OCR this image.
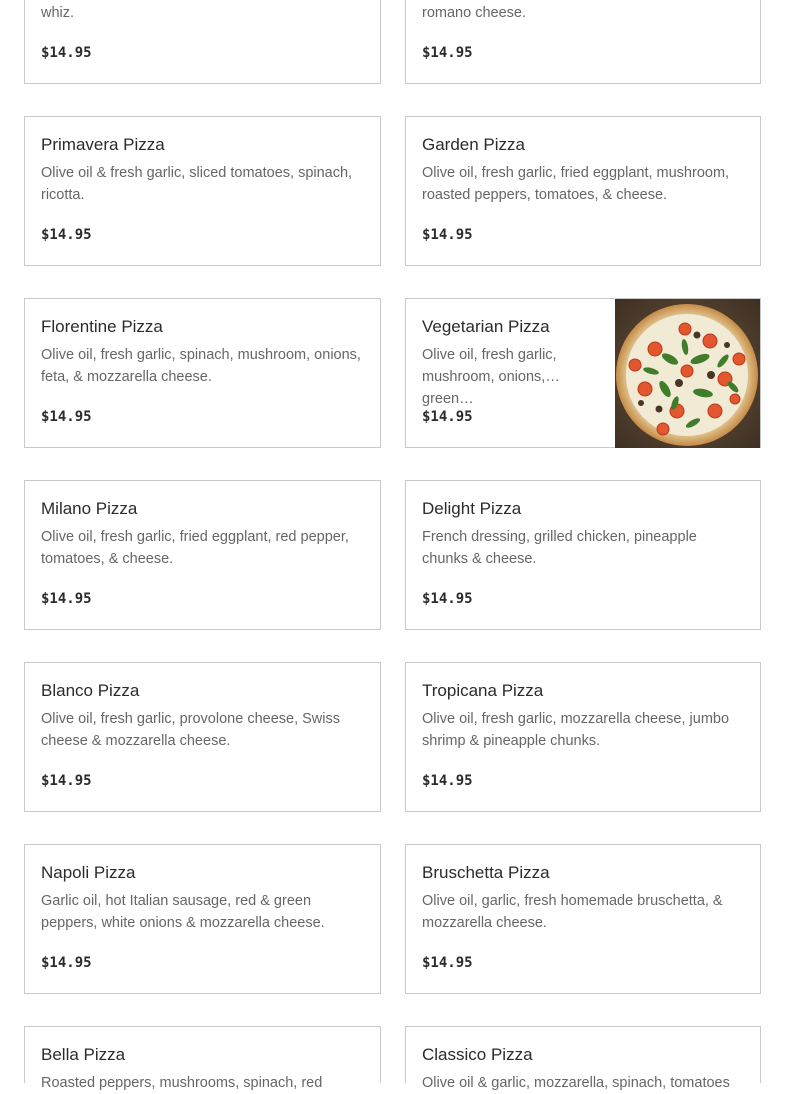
whiz.
$14.95
romano cheese.
$14.95
Primavera Pizza
Olive oil & fresh garlic, sliced tomatoes, spinach, ricotta.
$14.95
Garden Pizza
Olive oil, fresh garlic, fried eggplant, mushroom, roasted peppers, tomatoes, & cheese.
$14.95
Florentine Pizza
Olive oil, fresh garlic, spinach, mushroom, onions, feta, & mozzarella cheese.
$14.95
Vegetarian Pizza
Olive oil, fresh garlic, mushroom, onions, green…
$14.95
Milano Pizza
Olive oil, fresh garlic, fried eggplant, red pepper, tomatoes, & cheese.
$14.95
Delight Pizza
French dressing, grilled chicken, pineapple chunks & cheese.
$14.95
Blanco Pizza
Olive oil, fresh garlic, provolone cheese, Swiss cheese & mozzarella cheese.
$14.95
Tropicana Pizza
Olive oil, fresh garlic, mozzarella cheese, jumbo shrimp & pineapple chunks.
$14.95
Napoli Pizza
Garlic oil, hot Italian sausage, red & green peppers, white onions & mozzarella cheese.
$14.95
Bruschetta Pizza
Olive oil, garlic, fresh homemade bruschetta, & mozzarella cheese.
$14.95
Bella Pizza
Roasted peppers, mushrooms, spinach, red
Classico Pizza
Olive oil & garlic, mozzarella, spinach, tomatoes
